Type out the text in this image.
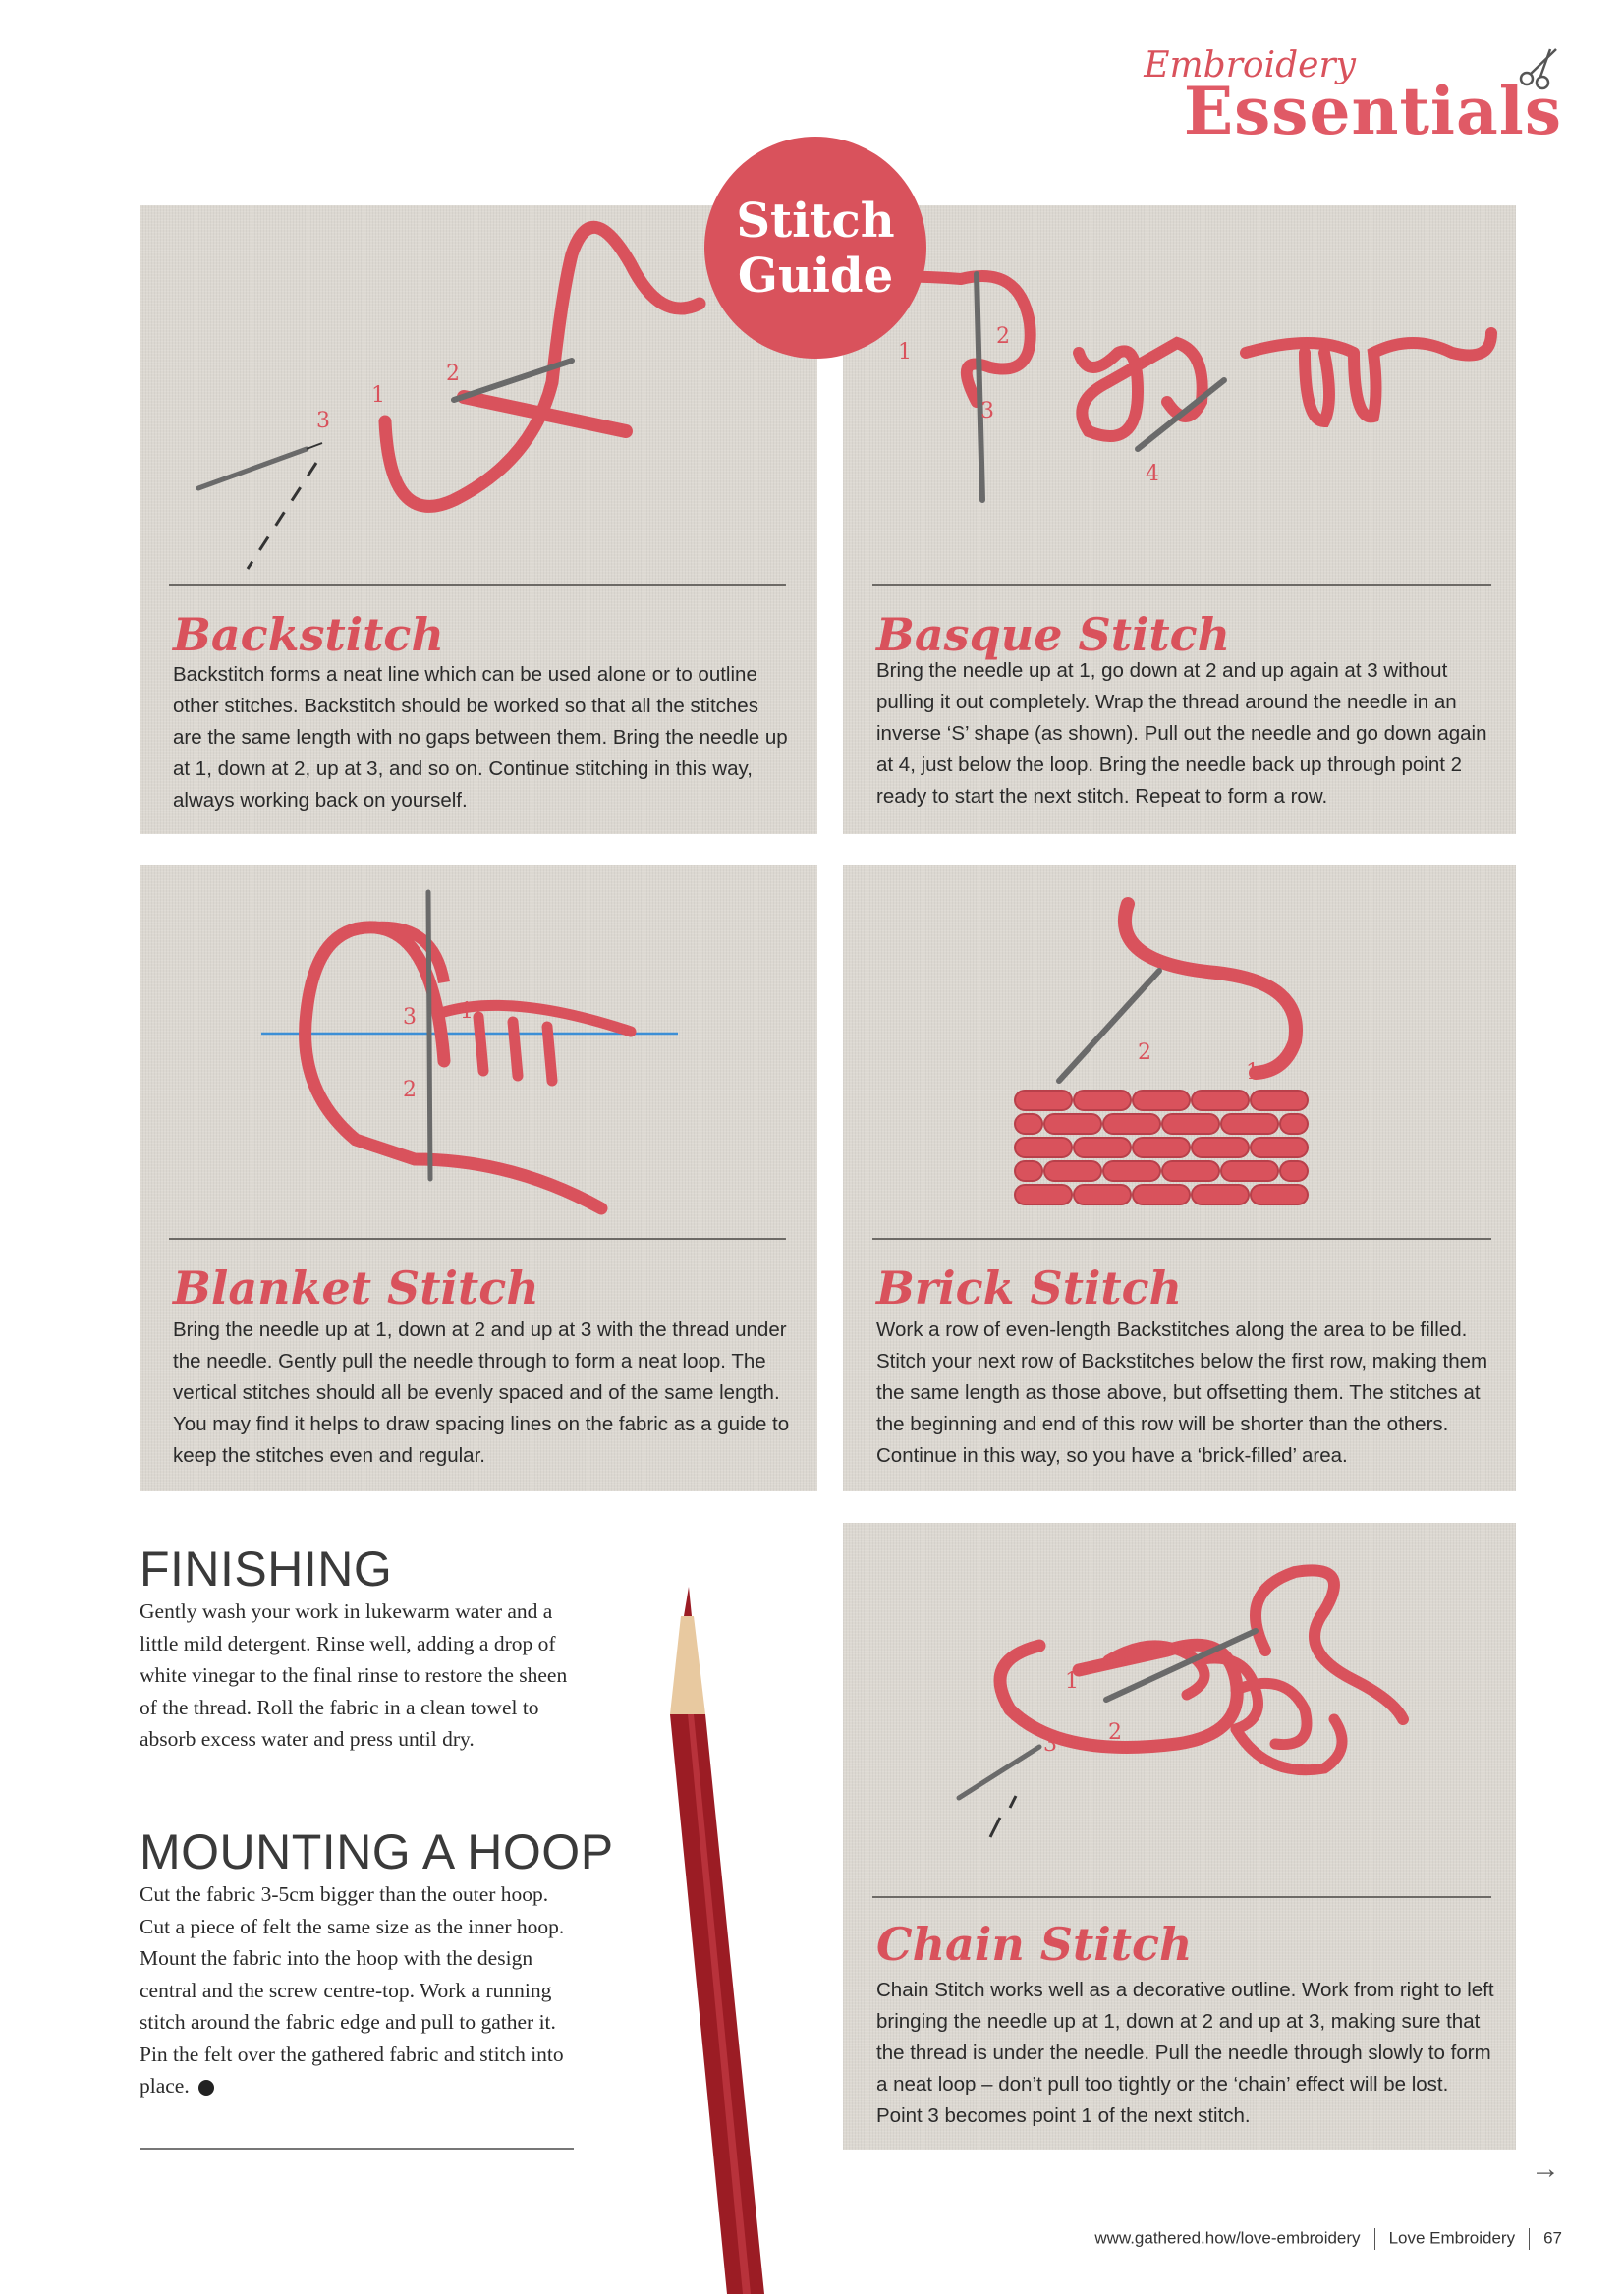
Embroidery
Essentials
1
2
3
Backstitch

Backstitch forms a neat line which can be used alone or to outline other stitches. Backstitch should be worked so that all the stitches are the same length with no gaps between them. Bring the needle up at 1, down at 2, up at 3, and so on. Continue stitching in this way, always working back on yourself.

1
2
3
4
Basque Stitch

Bring the needle up at 1, go down at 2 and up again at 3 without pulling it out completely. Wrap the thread around the needle in an inverse ‘S’ shape (as shown). Pull out the needle and go down again at 4, just below the loop. Bring the needle back up through point 2 ready to start the next stitch. Repeat to form a row.

Stitch
Guide
1
2
3
Blanket Stitch

Bring the needle up at 1, down at 2 and up at 3 with the thread under the needle. Gently pull the needle through to form a neat loop. The vertical stitches should all be evenly spaced and of the same length. You may find it helps to draw spacing lines on the fabric as a guide to keep the stitches even and regular.

1
2
Brick Stitch

Work a row of even-length Backstitches along the area to be filled. Stitch your next row of Backstitches below the first row, making them the same length as those above, but offsetting them. The stitches at the beginning and end of this row will be shorter than the others. Continue in this way, so you have a ‘brick-filled’ area.

FINISHING

Gently wash your work in lukewarm water and a little mild detergent. Rinse well, adding a drop of white vinegar to the final rinse to restore the sheen of the thread. Roll the fabric in a clean towel to absorb excess water and press until dry.

MOUNTING A HOOP

Cut the fabric 3-5cm bigger than the outer hoop. Cut a piece of felt the same size as the inner hoop. Mount the fabric into the hoop with the design central and the screw centre-top. Work a running stitch around the fabric edge and pull to gather it. Pin the felt over the gathered fabric and stitch into place.

1
2
3
Chain Stitch

Chain Stitch works well as a decorative outline. Work from right to left bringing the needle up at 1, down at 2 and up at 3, making sure that the thread is under the needle. Pull the needle through slowly to form a neat loop – don’t pull too tightly or the ‘chain’ effect will be lost. Point 3 becomes point 1 of the next stitch.

→
www.gathered.how/love-embroidery Love Embroidery 67
